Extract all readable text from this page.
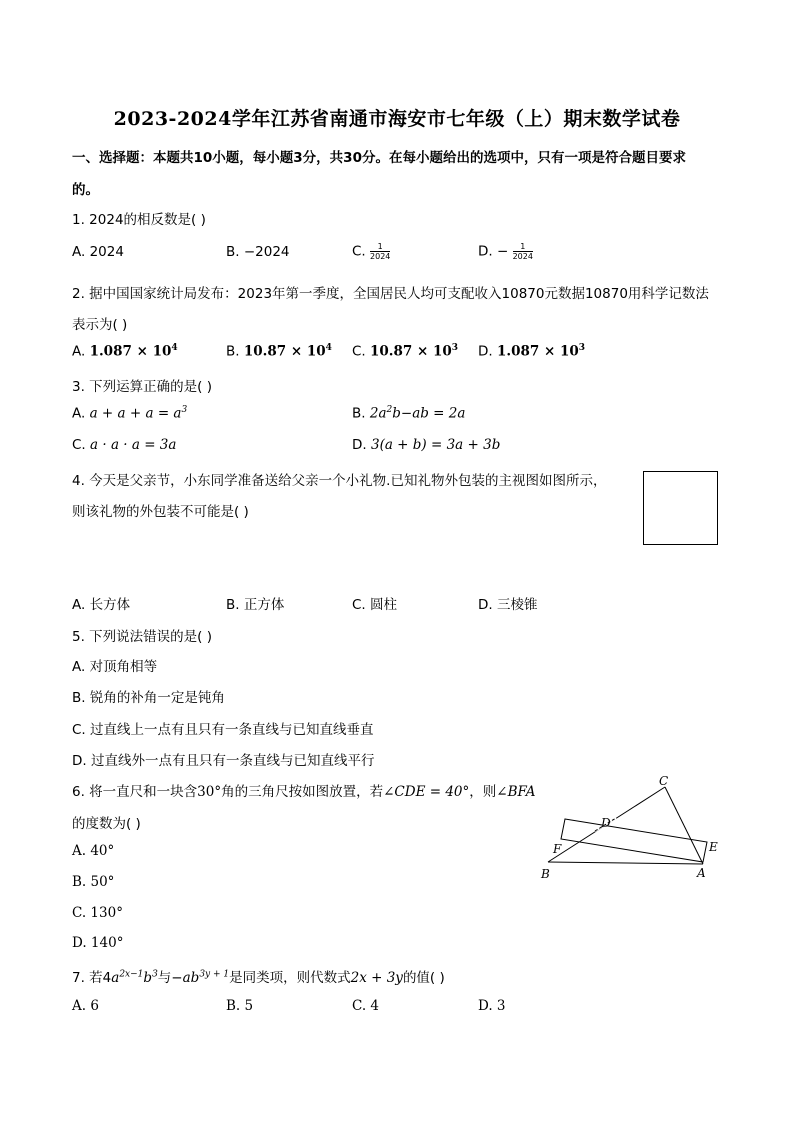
2023-2024学年江苏省南通市海安市七年级（上）期末数学试卷
一、选择题：本题共10小题，每小题3分，共30分。在每小题给出的选项中，只有一项是符合题目要求
的。
1. 2024的相反数是( )
A. 2024	B. −2024	C. $\frac{1}{2024}$	D. − $\frac{1}{2024}$
2. 据中国国家统计局发布：2023年第一季度，全国居民人均可支配收入10870元数据10870用科学记数法
表示为( )
A. $1.087 \times 10^4$	B. $10.87 \times 10^4$ C. $10.87 \times 10^3$ D. $1.087 \times 10^3$
3. 下列运算正确的是( )
A. $a + a + a = a^3$	B. $2a^2b-ab = 2a$
C. a · a · a = 3a	D. 3(a + b) = 3a + 3b
4. 今天是父亲节，小东同学准备送给父亲一个小礼物.已知礼物外包装的主视图如图所示，
则该礼物的外包装不可能是( )
A. 长方体	B. 正方体	C. 圆柱	D. 三棱锥
5. 下列说法错误的是( )
A. 对顶角相等
B. 锐角的补角一定是钝角
C. 过直线上一点有且只有一条直线与已知直线垂直
D. 过直线外一点有且只有一条直线与已知直线平行
6. 将一直尺和一块含30°角的三角尺按如图放置，若∠CDE = 40°，则∠BFA
的度数为( )
A. 40°
B. 50°
C. 130°
D. 140°
C
D
E
F
B	A
7. 若$4a^{2x-1}b^3$与$-ab^{3y + 1}$是同类项，则代数式2x + 3y的值( )
A. 6	B. 5	C. 4	D. 3
